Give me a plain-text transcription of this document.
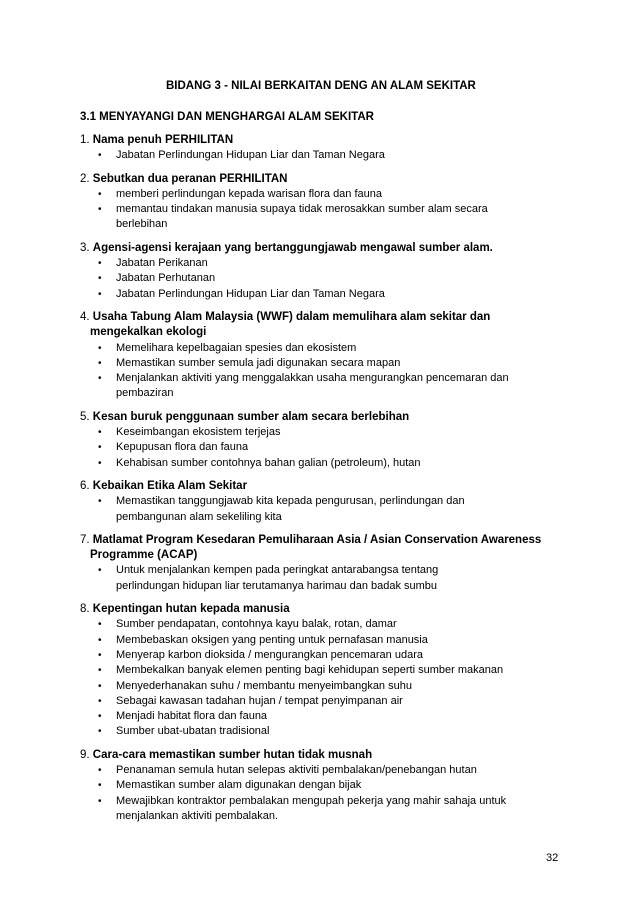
BIDANG 3 - NILAI BERKAITAN DENG AN ALAM SEKITAR
3.1 MENYAYANGI DAN MENGHARGAI ALAM SEKITAR
1. Nama penuh PERHILITAN
• Jabatan Perlindungan Hidupan Liar dan Taman Negara
2. Sebutkan dua peranan PERHILITAN
• memberi perlindungan kepada warisan flora dan fauna
• memantau tindakan manusia supaya tidak merosakkan sumber alam secara
berlebihan
3. Agensi-agensi kerajaan yang bertanggungjawab mengawal sumber alam.
• Jabatan Perikanan
• Jabatan Perhutanan
• Jabatan Perlindungan Hidupan Liar dan Taman Negara
4. Usaha Tabung Alam Malaysia (WWF) dalam memulihara alam sekitar dan
mengekalkan ekologi
• Memelihara kepelbagaian spesies dan ekosistem
• Memastikan sumber semula jadi digunakan secara mapan
• Menjalankan aktiviti yang menggalakkan usaha mengurangkan pencemaran dan
pembaziran
5. Kesan buruk penggunaan sumber alam secara berlebihan
• Keseimbangan ekosistem terjejas
• Kepupusan flora dan fauna
• Kehabisan sumber contohnya bahan galian (petroleum), hutan
6. Kebaikan Etika Alam Sekitar
• Memastikan tanggungjawab kita kepada pengurusan, perlindungan dan
pembangunan alam sekeliling kita
7. Matlamat Program Kesedaran Pemuliharaan Asia / Asian Conservation Awareness
Programme (ACAP)
• Untuk menjalankan kempen pada peringkat antarabangsa tentang
perlindungan hidupan liar terutamanya harimau dan badak sumbu
8. Kepentingan hutan kepada manusia
• Sumber pendapatan, contohnya kayu balak, rotan, damar
• Membebaskan oksigen yang penting untuk pernafasan manusia
• Menyerap karbon dioksida / mengurangkan pencemaran udara
• Membekalkan banyak elemen penting bagi kehidupan seperti sumber makanan
• Menyederhanakan suhu / membantu menyeimbangkan suhu
• Sebagai kawasan tadahan hujan / tempat penyimpanan air
• Menjadi habitat flora dan fauna
• Sumber ubat-ubatan tradisional
9. Cara-cara memastikan sumber hutan tidak musnah
• Penanaman semula hutan selepas aktiviti pembalakan/penebangan hutan
• Memastikan sumber alam digunakan dengan bijak
• Mewajibkan kontraktor pembalakan mengupah pekerja yang mahir sahaja untuk
menjalankan aktiviti pembalakan.
32
